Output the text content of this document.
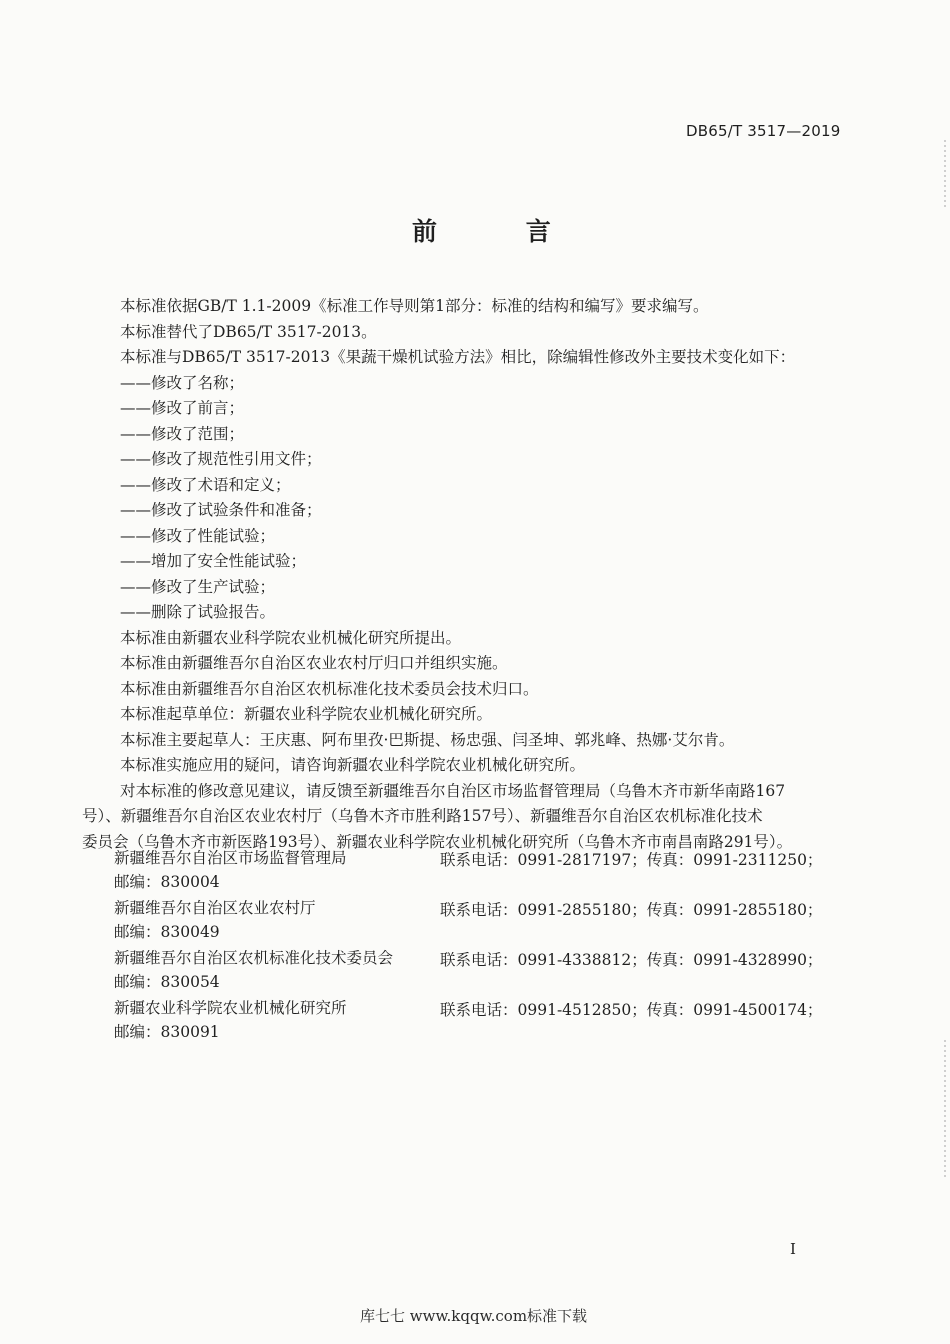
DB65/T 3517—2019
前 言
本标准依据GB/T 1.1-2009《标准工作导则第1部分：标准的结构和编写》要求编写。
本标准替代了DB65/T 3517-2013。
本标准与DB65/T 3517-2013《果蔬干燥机试验方法》相比，除编辑性修改外主要技术变化如下：
——修改了名称；
——修改了前言；
——修改了范围；
——修改了规范性引用文件；
——修改了术语和定义；
——修改了试验条件和准备；
——修改了性能试验；
——增加了安全性能试验；
——修改了生产试验；
——删除了试验报告。
本标准由新疆农业科学院农业机械化研究所提出。
本标准由新疆维吾尔自治区农业农村厅归口并组织实施。
本标准由新疆维吾尔自治区农机标准化技术委员会技术归口。
本标准起草单位：新疆农业科学院农业机械化研究所。
本标准主要起草人：王庆惠、阿布里孜·巴斯提、杨忠强、闫圣坤、郭兆峰、热娜·艾尔肯。
本标准实施应用的疑问，请咨询新疆农业科学院农业机械化研究所。
对本标准的修改意见建议，请反馈至新疆维吾尔自治区市场监督管理局（乌鲁木齐市新华南路167
号）、新疆维吾尔自治区农业农村厅（乌鲁木齐市胜利路157号）、新疆维吾尔自治区农机标准化技术
委员会（乌鲁木齐市新医路193号）、新疆农业科学院农业机械化研究所（乌鲁木齐市南昌南路291号）。
新疆维吾尔自治区市场监督管理局	联系电话：0991-2817197；传真：0991-2311250；
邮编：830004
新疆维吾尔自治区农业农村厅	联系电话：0991-2855180；传真：0991-2855180；
邮编：830049
新疆维吾尔自治区农机标准化技术委员会	联系电话：0991-4338812；传真：0991-4328990；
邮编：830054
新疆农业科学院农业机械化研究所	联系电话：0991-4512850；传真：0991-4500174；
邮编：830091
I
库七七 www.kqqw.com标准下载
